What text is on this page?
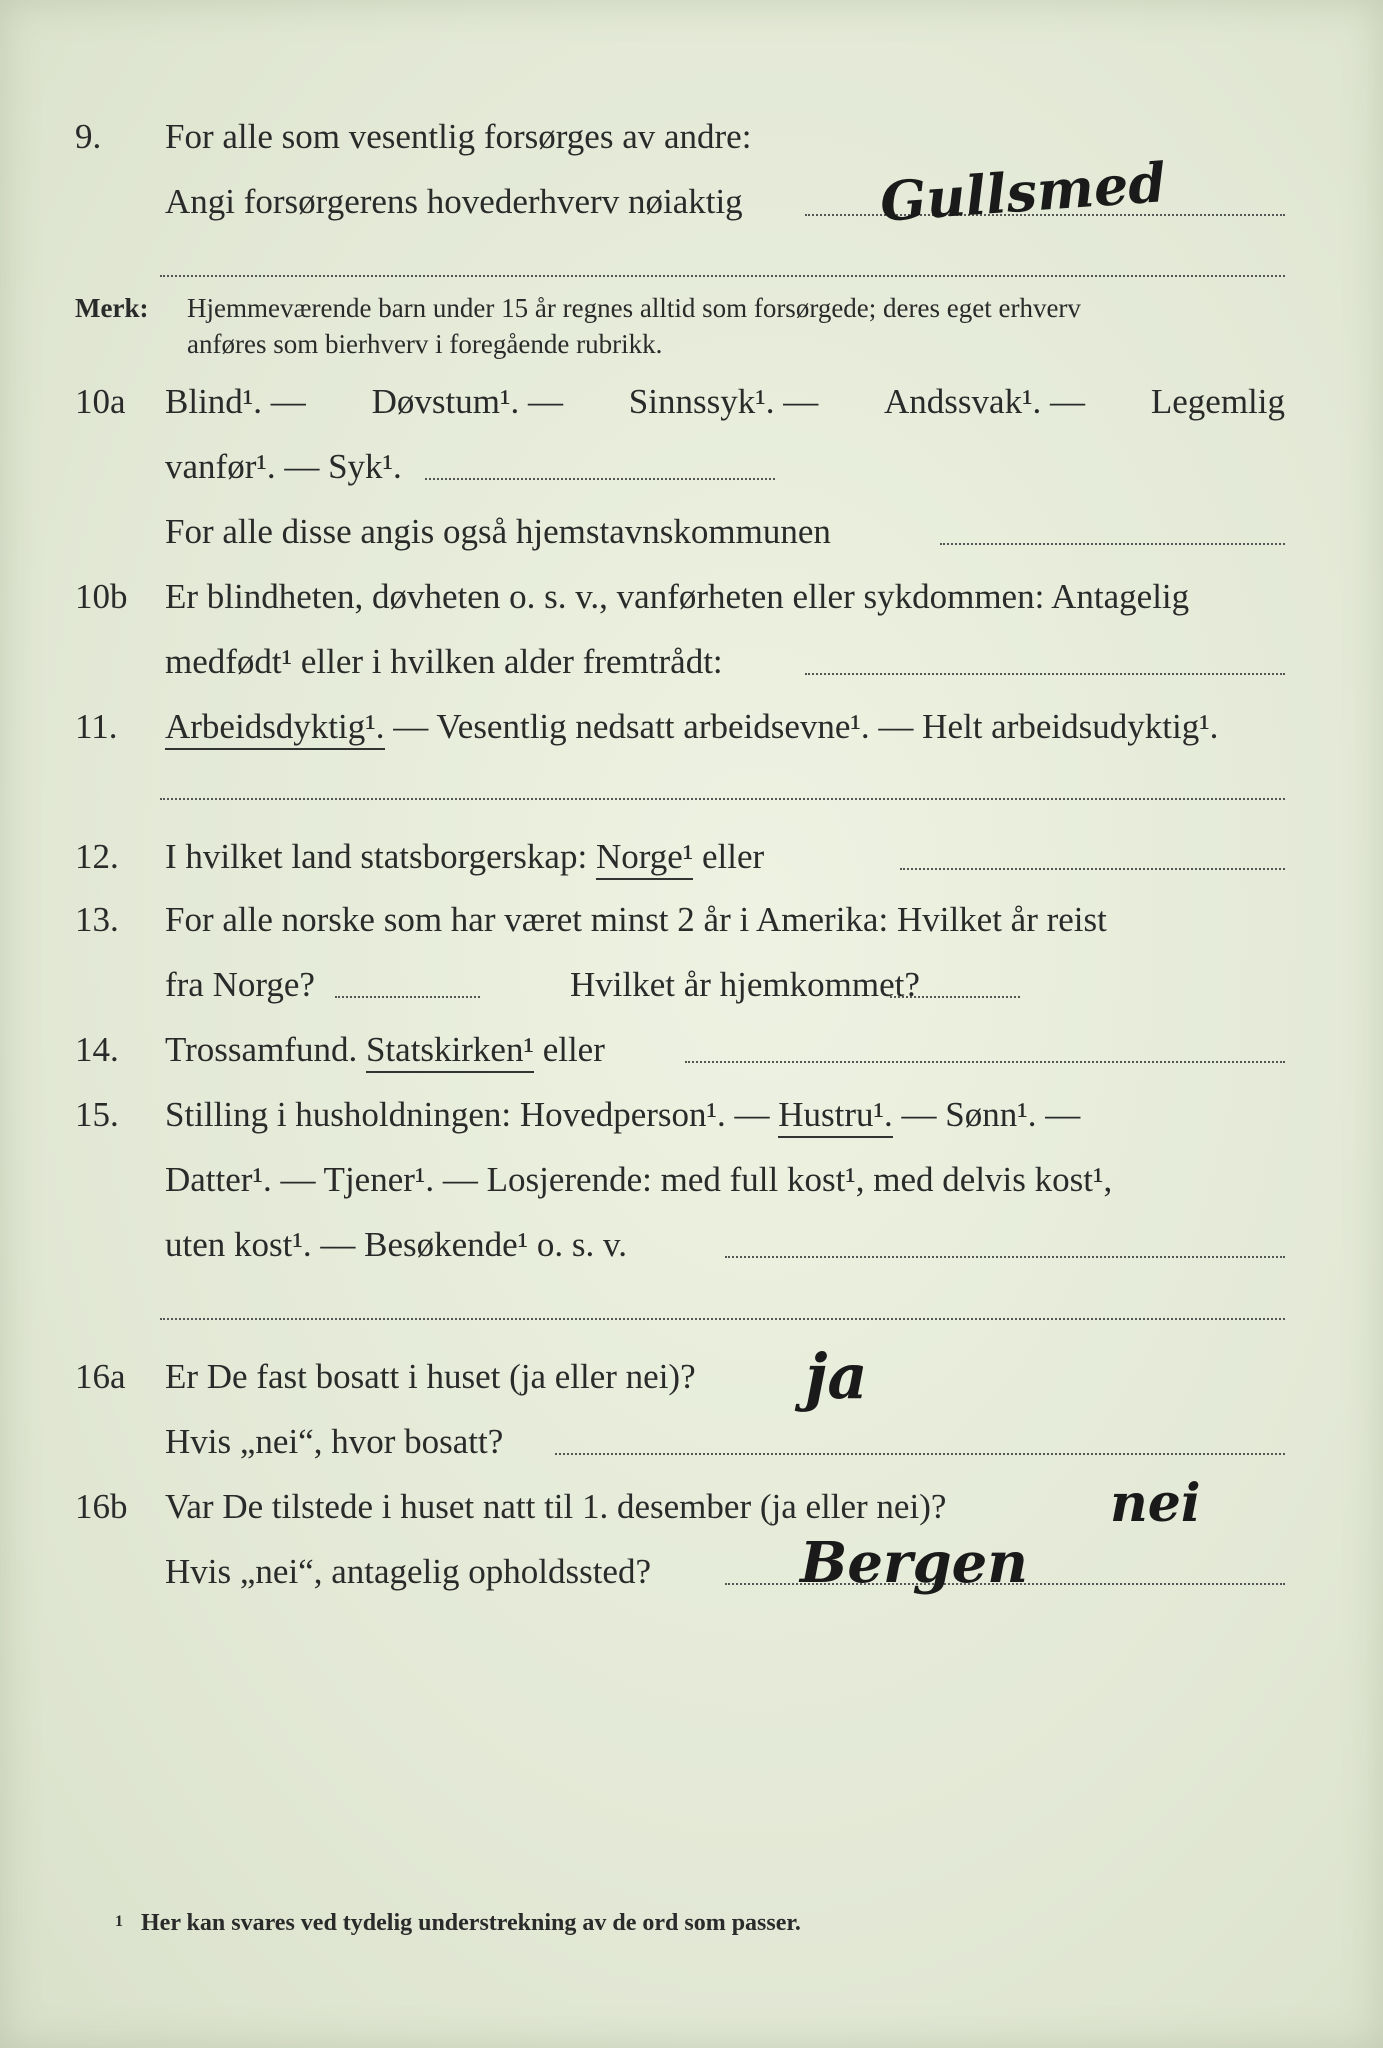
9. For alle som vesentlig forsørges av andre:
Angi forsørgerens hovederhverv nøiaktig	Gullsmed
Merk:
anføres som bierhverv i foregående rubrikk.
Hjemmeværende barn under 15 år regnes alltid som forsørgede; deres eget erhverv
10a Blind¹. — Døvstum¹. — Sinnssyk¹. — Andssvak¹. — Legemlig
vanfør¹. — Syk¹.
For alle disse angis også hjemstavnskommunen
10b Er blindheten, døvheten o. s. v., vanførheten eller sykdommen: Antagelig
medfødt¹ eller i hvilken alder fremtrådt:
11. Arbeidsdyktig¹. — Vesentlig nedsatt arbeidsevne¹. — Helt arbeidsudyktig¹.
12. I hvilket land statsborgerskap: Norge¹ eller
13. For alle norske som har været minst 2 år i Amerika: Hvilket år reist
fra Norge?	Hvilket år hjemkommet?
14. Trossamfund. Statskirken¹ eller
15. Stilling i husholdningen: Hovedperson¹. — Hustru¹. — Sønn¹. —
Datter¹. — Tjener¹. — Losjerende: med full kost¹, med delvis kost¹,
uten kost¹. — Besøkende¹ o. s. v.
16a Er De fast bosatt i huset (ja eller nei)? ja
Hvis „nei“, hvor bosatt?
16b Var De tilstede i huset natt til 1. desember (ja eller nei)?	nei
Hvis „nei“, antagelig opholdssted?	Bergen
1 Her kan svares ved tydelig understrekning av de ord som passer.
